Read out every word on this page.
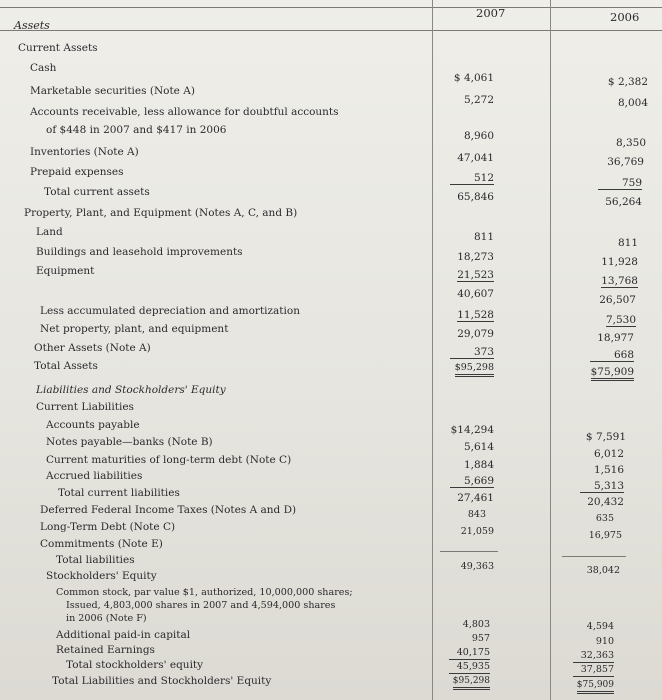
2007	2006
Assets
Current Assets
Cash
Marketable securities (Note A)
Accounts receivable, less allowance for doubtful accounts
of $448 in 2007 and $417 in 2006
Inventories (Note A)
Prepaid expenses
Total current assets
Property, Plant, and Equipment (Notes A, C, and B)
Land
Buildings and leasehold improvements
Equipment
Less accumulated depreciation and amortization
Net property, plant, and equipment
Other Assets (Note A)
Total Assets
Liabilities and Stockholders' Equity
Current Liabilities
Accounts payable
Notes payable—banks (Note B)
Current maturities of long-term debt (Note C)
Accrued liabilities
Total current liabilities
Deferred Federal Income Taxes (Notes A and D)
Long-Term Debt (Note C)
Commitments (Note E)
Total liabilities
Stockholders' Equity
Common stock, par value $1, authorized, 10,000,000 shares;
Issued, 4,803,000 shares in 2007 and 4,594,000 shares
in 2006 (Note F)
Additional paid-in capital
Retained Earnings
Total stockholders' equity
Total Liabilities and Stockholders' Equity
$ 4,061
5,272
8,960
47,041
512
65,846
811
18,273
21,523
40,607
11,528
29,079
373
$95,298
$14,294
5,614
1,884
5,669
27,461
843
21,059
49,363
4,803
957
40,175
45,935
$95,298
$ 2,382
8,004
8,350
36,769
759
56,264
811
11,928
13,768
26,507
7,530
18,977
668
$75,909
$ 7,591
6,012
1,516
5,313
20,432
635
16,975
38,042
4,594
910
32,363
37,857
$75,909
